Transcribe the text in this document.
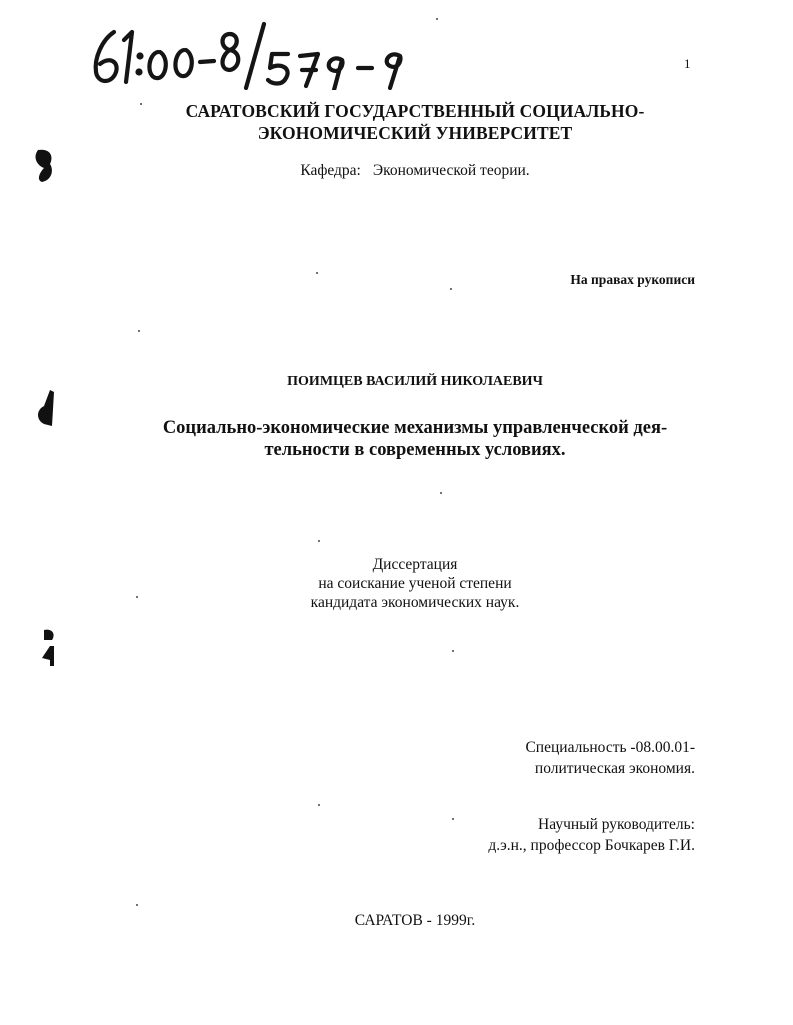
1
САРАТОВСКИЙ ГОСУДАРСТВЕННЫЙ СОЦИАЛЬНО-
ЭКОНОМИЧЕСКИЙ УНИВЕРСИТЕТ
Кафедра: Экономической теории.
На правах рукописи
ПОИМЦЕВ ВАСИЛИЙ НИКОЛАЕВИЧ
Социально-экономические механизмы управленческой дея-
тельности в современных условиях.
Диссертация
на соискание ученой степени
кандидата экономических наук.
Специальность -08.00.01-
политическая экономия.
Научный руководитель:
д.э.н., профессор Бочкарев Г.И.
САРАТОВ - 1999г.
